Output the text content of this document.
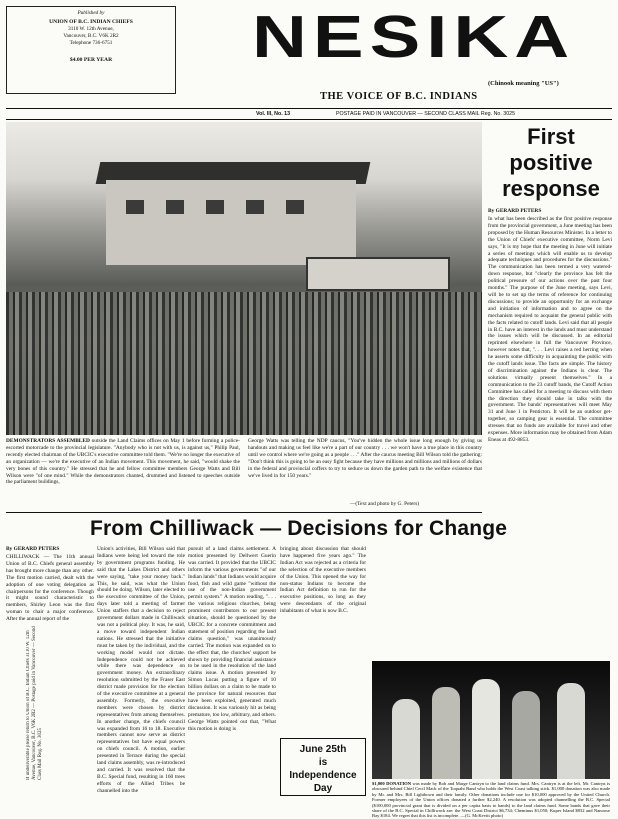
Published by
UNION OF B.C. INDIAN CHIEFS
3110 W. 12th Avenue,
Vancouver, B.C. V6K 2R2
Telephone 736-6751
$4.00 PER YEAR	NESIKA
(Chinook meaning "US")
THE VOICE OF B.C. INDIANS
Vol. III, No. 13	POSTAGE PAID IN VANCOUVER — SECOND CLASS MAIL Reg. No. 3025
DEMONSTRATORS ASSEMBLED outside the Land Claims offices on May 1 before forming a police-escorted motorcade to the provincial legislature. "Anybody who is not with us, is against us," Philip Paul, recently elected chairman of the UBCIC's executive committee told them. "We're no longer the executive of an organization — we're the executive of an Indian movement. This movement, he said, "would shake the very bones of this country." He stressed that he and fellow committee members George Watts and Bill Wilson were "of one mind." While the demonstrators chanted, drummed and listened to speeches outside the parliament buildings,
George Watts was telling the NDP caucus, "You've hidden the whole issue long enough by giving us handouts and making us feel like we're a part of our country . . . we won't have a true place in this country until we control where we're going as a people . . ." After the caucus meeting Bill Wilson told the gathering: "Don't think this is going to be an easy fight because they have millions and millions and millions of dollars in the federal and provincial coffers to try to seduce us down the garden path to the welfare existence that we've lived in for 150 years."
—(Text and photo by G. Peters)
First
positive
response
By GERARD PETERS
In what has been described as the first positive response from the provincial government, a June meeting has been proposed by the Human Resources Minister. In a letter to the Union of Chiefs' executive committee, Norm Levi says, "It is my hope that the meeting in June will initiate a series of meetings which will enable us to develop adequate techniques and procedures for the discussions." The communication has been termed a very watered-down response, but "clearly the province has felt the political pressure of our actions over the past four months." The purpose of the June meeting, says Levi, will be to set up the terms of reference for continuing discussions; to provide an opportunity for an exchange and initiation of information and to agree on the mechanism required to acquaint the general public with the facts related to cutoff lands. Levi said that all people in B.C. have an interest in the lands and must understand the issues which will be discussed. In an editorial reprinted elsewhere in full the Vancouver Province, however notes that, ". . . Levi raises a red herring when he asserts some difficulty in acquainting the public with the cutoff lands issue. The facts are simple. The history of discrimination against the Indians is clear. The solutions virtually present themselves." In a communication to the 23 cutoff bands, the Cutoff Action Committee has called for a meeting to discuss with them the direction they should take in talks with the government. The bands' representatives will meet May 31 and June 1 in Penticton. It will be an outdoor get-together, so camping gear is essential. The committee stresses that no funds are available for travel and other expenses. More information may be obtained from Adam Eneas at 492-8853.
From Chilliwack — Decisions for Change
By GERARD PETERS
CHILLIWACK — The 11th annual Union of B.C. Chiefs general assembly has brought more change than any other. The first motion carried, dealt with the adoption of one voting delegation as chairpersons for the conference. Though it might sound characteristic to members, Shirley Leon was the first woman to chair a major conference. After the annual report of the
If undeliverable please return to Union of B.C. Indian Chiefs 3110 W. 12th Avenue, Vancouver, B.C. V6K 2R2 — Postage paid in Vancouver — Second Class Mail Reg. No. 3025
Union's activities, Bill Wilson said that Indians were being led toward the role by government programs funding. He said that the Lakes District and others were saying, "take your money back." This, he said, was what the Union should be doing. Wilson, later elected to the executive committee of the Union, days later told a meeting of farmer Union staffers that a decision to reject government dollars made in Chilliwack was not a political ploy. It was, he said, a move toward independent Indian nations. He stressed that the initiative must be taken by the individual, and the working model would not dictate. Independence could not be achieved while there was dependence on government money. An extraordinary resolution submitted by the Fraser East district made provision for the election of the executive committee at a general assembly. Formerly, the executive members were chosen by district representatives from among themselves. In another change, the chiefs council was expanded from 16 to 18. Executive members cannot now serve as district representatives but have equal powers on chiefs council. A motion, earlier presented in Terrace during the special land claims assembly, was re-introduced and carried. It was resolved that the B.C. Special fund, resulting in 160 trees efforts of the Allied Tribes be channelled into the
pursuit of a land claims settlement. A motion presented by Dellwert Guerin was carried. It provided that the UBCIC inform the various governments "of our Indian lands" that Indians would acquire food, fish and wild game "without the use of the non-Indian government permit system." A motion reading, ". . . the various religious churches, being prominent contributors to our present situation, should be questioned by the UBCIC for a concrete commitment and statement of position regarding the land claims question," was unanimously carried. The motion was expanded on to the effect that, the churches' support be shown by providing financial assistance to be used in the resolution of the land claims issue. A motion presented by Simon Lucas putting a figure of 10 billion dollars on a claim to be made to the province for natural resources that have been exploited, generated much discussion. It was variously hit as being premature, too low, arbitrary, and others. George Watts pointed out that, "What this motion is doing is
bringing about discussion that should have happened five years ago." The Indian Act was rejected as a criteria for the selection of the executive members of the Union. This opened the way for non-status Indians to become the Indian Act definition to run for the executive positions, so long as they were descendants of the original inhabitants of what is now B.C.
June 25th
is
Independence
Day	$1,000 DONATION was made by Bob and Marge Cantryn to the land claims fund. Mrs. Cantryn is at the left. Mr. Cantryn is obscured behind Chief Cecil Mack of the Toquaht Band who holds the West Coast talking stick. $1,000 donation was also made by Mr. and Mrs. Bill Lightbown and their family. Other donations include one for $10,000 approved by the United Church. Former employees of the Union offices donated a further $2,240. A resolution was adopted channelling the B.C. Special ($100,000 provincial grant that is divided on a per capita basis to bands) to the land claims fund. Some bands that gave their share of the B.C. Special in Chilliwack are: the West Coast District $6,734; Cheminus $1,050; Kuper Island $832 and Nanoose Bay $184. We regret that this list is incomplete. —(G. McKevitt photo)
